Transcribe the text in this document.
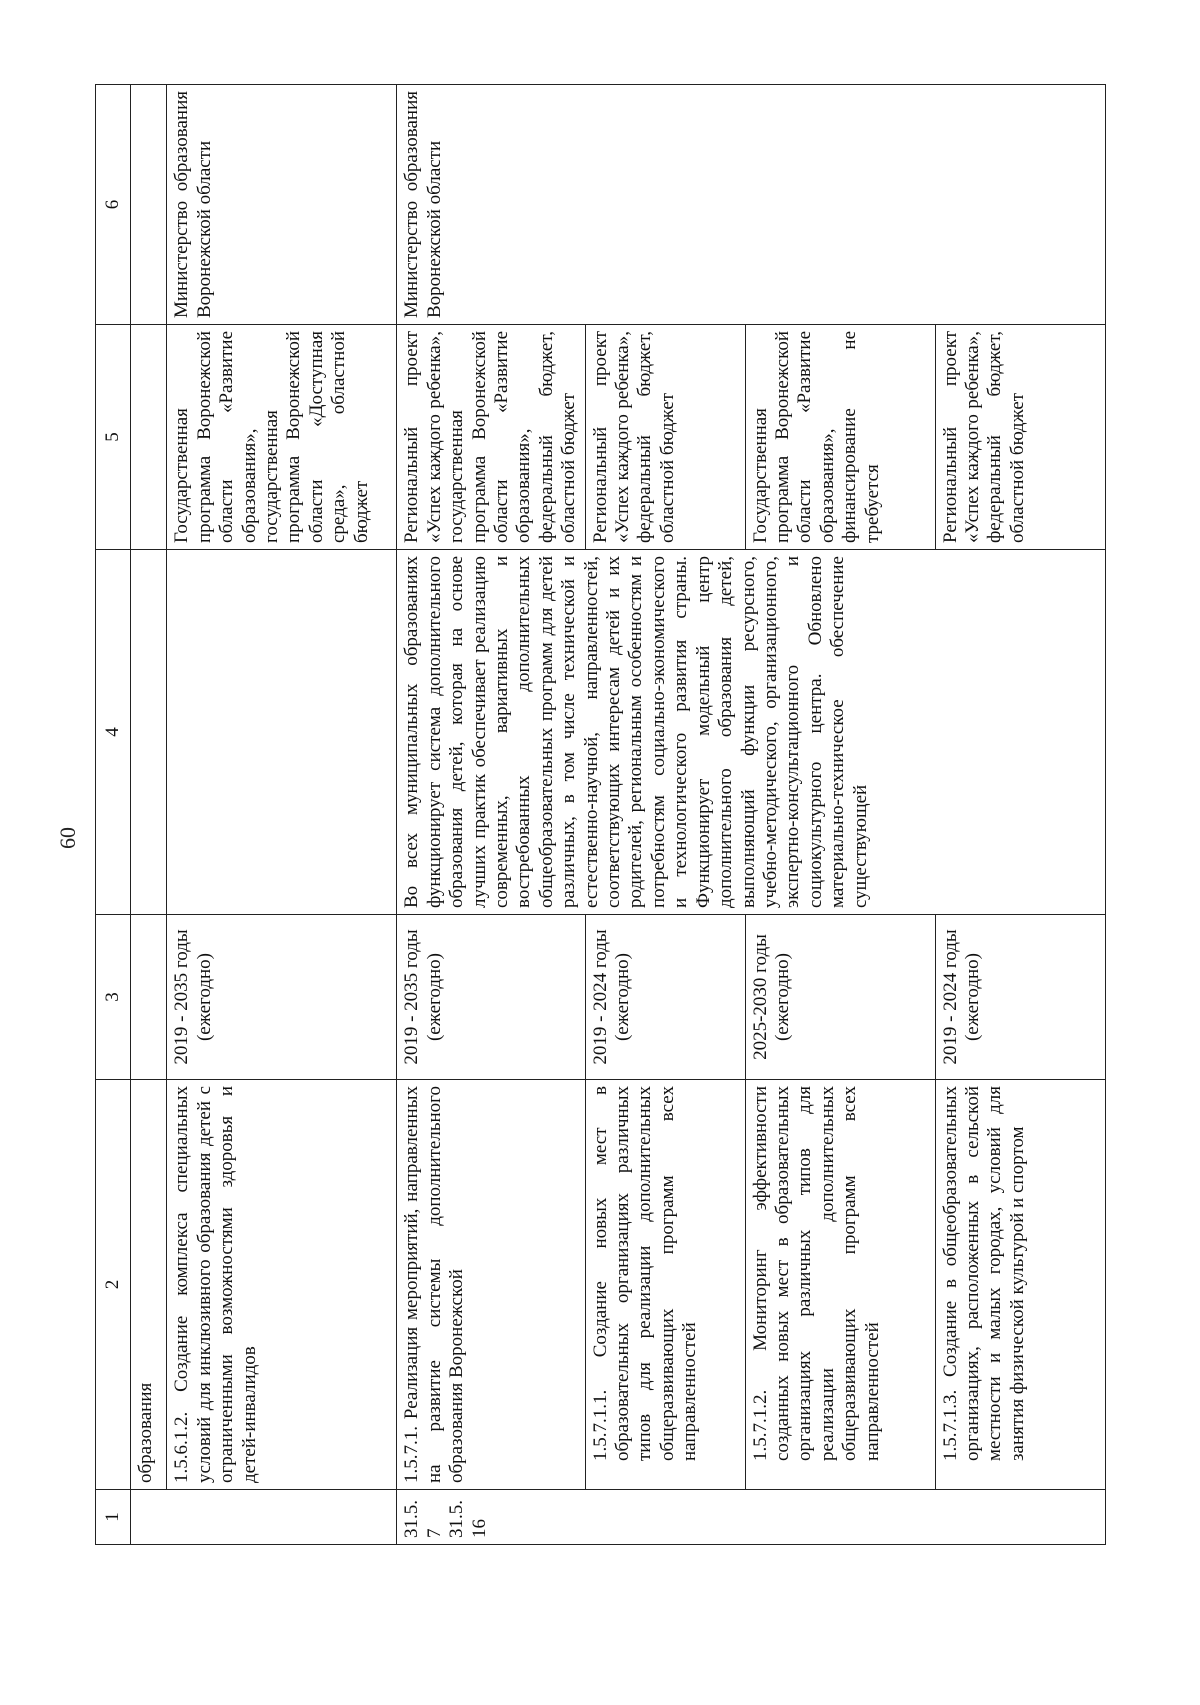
60
1	2	3	4	5	6
	образования				
	1.5.6.1.2. Создание комплекса специальных условий для инклюзивного образования детей с ограниченными возможностями здоровья и детей-инвалидов	2019 - 2035 годы (ежегодно)		Государственная программа Воронежской области «Развитие образования», государственная программа Воронежской области «Доступная среда», областной бюджет	Министерство образования Воронежской области
31.5.7 31.5.16	1.5.7.1. Реализация мероприятий, направленных на развитие системы дополнительного образования Воронежской	2019 - 2035 годы (ежегодно)	Во всех муниципальных образованиях функционирует система дополнительного образования детей, которая на основе лучших практик обеспечивает реализацию современных, вариативных и востребованных дополнительных общеобразовательных программ для детей различных, в том числе технической и естественно-научной, направленностей, соответствующих интересам детей и их родителей, региональным особенностям и потребностям социально-экономического и технологического развития страны. Функционирует модельный центр дополнительного образования детей, выполняющий функции ресурсного, учебно-методического, организационного, экспертно-консультационного и социокультурного центра. Обновлено материально-техническое обеспечение существующей	Региональный проект «Успех каждого ребенка», государственная программа Воронежской области «Развитие образования», федеральный бюджет, областной бюджет	Министерство образования Воронежской области
	1.5.7.1.1. Создание новых мест в образовательных организациях различных типов для реализации дополнительных общеразвивающих программ всех направленностей	2019 - 2024 годы (ежегодно)		Региональный проект «Успех каждого ребенка», федеральный бюджет, областной бюджет	
	1.5.7.1.2. Мониторинг эффективности созданных новых мест в образовательных организациях различных типов для реализации дополнительных общеразвивающих программ всех направленностей	2025-2030 годы (ежегодно)		Государственная программа Воронежской области «Развитие образования», финансирование не требуется	
	1.5.7.1.3. Создание в общеобразовательных организациях, расположенных в сельской местности и малых городах, условий для занятия физической культурой и спортом	2019 - 2024 годы (ежегодно)		Региональный проект «Успех каждого ребенка», федеральный бюджет, областной бюджет	
